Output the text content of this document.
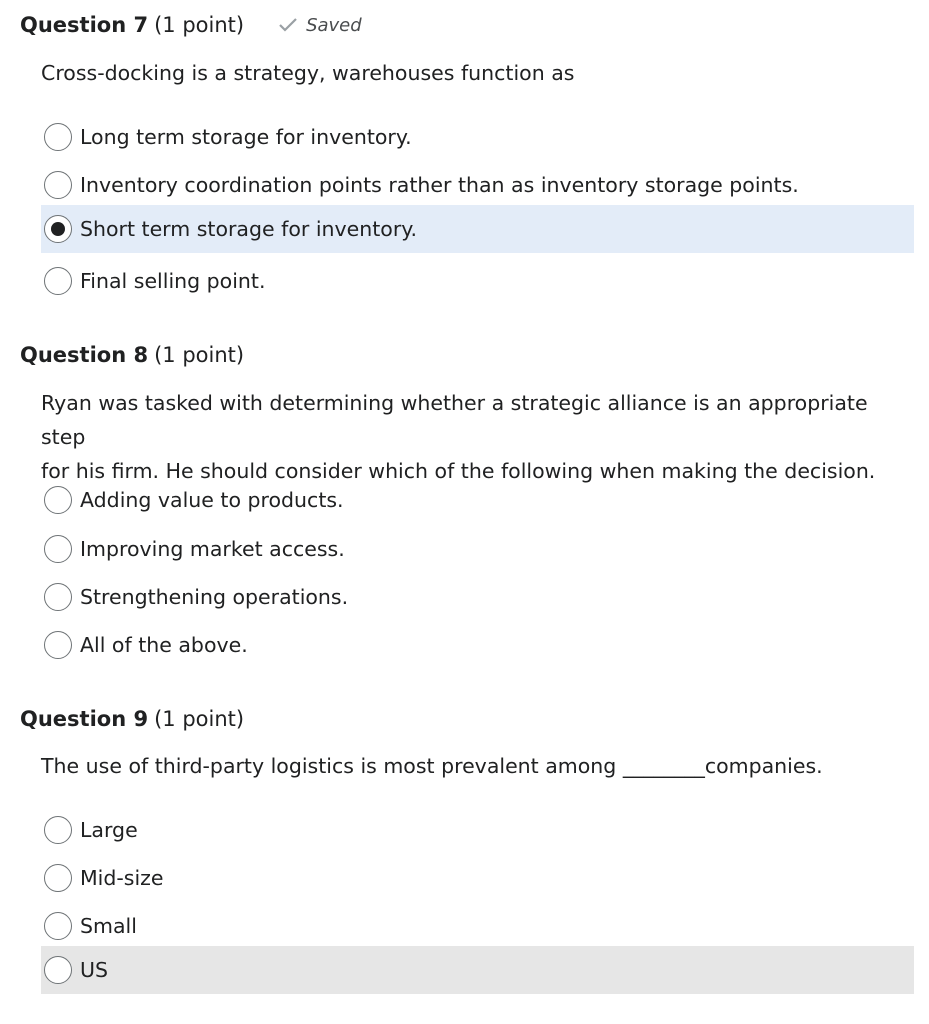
Question 7 (1 point)	Saved
Cross-docking is a strategy, warehouses function as
Long term storage for inventory.
Inventory coordination points rather than as inventory storage points.
Short term storage for inventory.
Final selling point.
Question 8 (1 point)
Ryan was tasked with determining whether a strategic alliance is an appropriate step
for his firm. He should consider which of the following when making the decision.
Adding value to products.
Improving market access.
Strengthening operations.
All of the above.
Question 9 (1 point)
The use of third-party logistics is most prevalent among ________companies.
Large
Mid-size
Small
US
